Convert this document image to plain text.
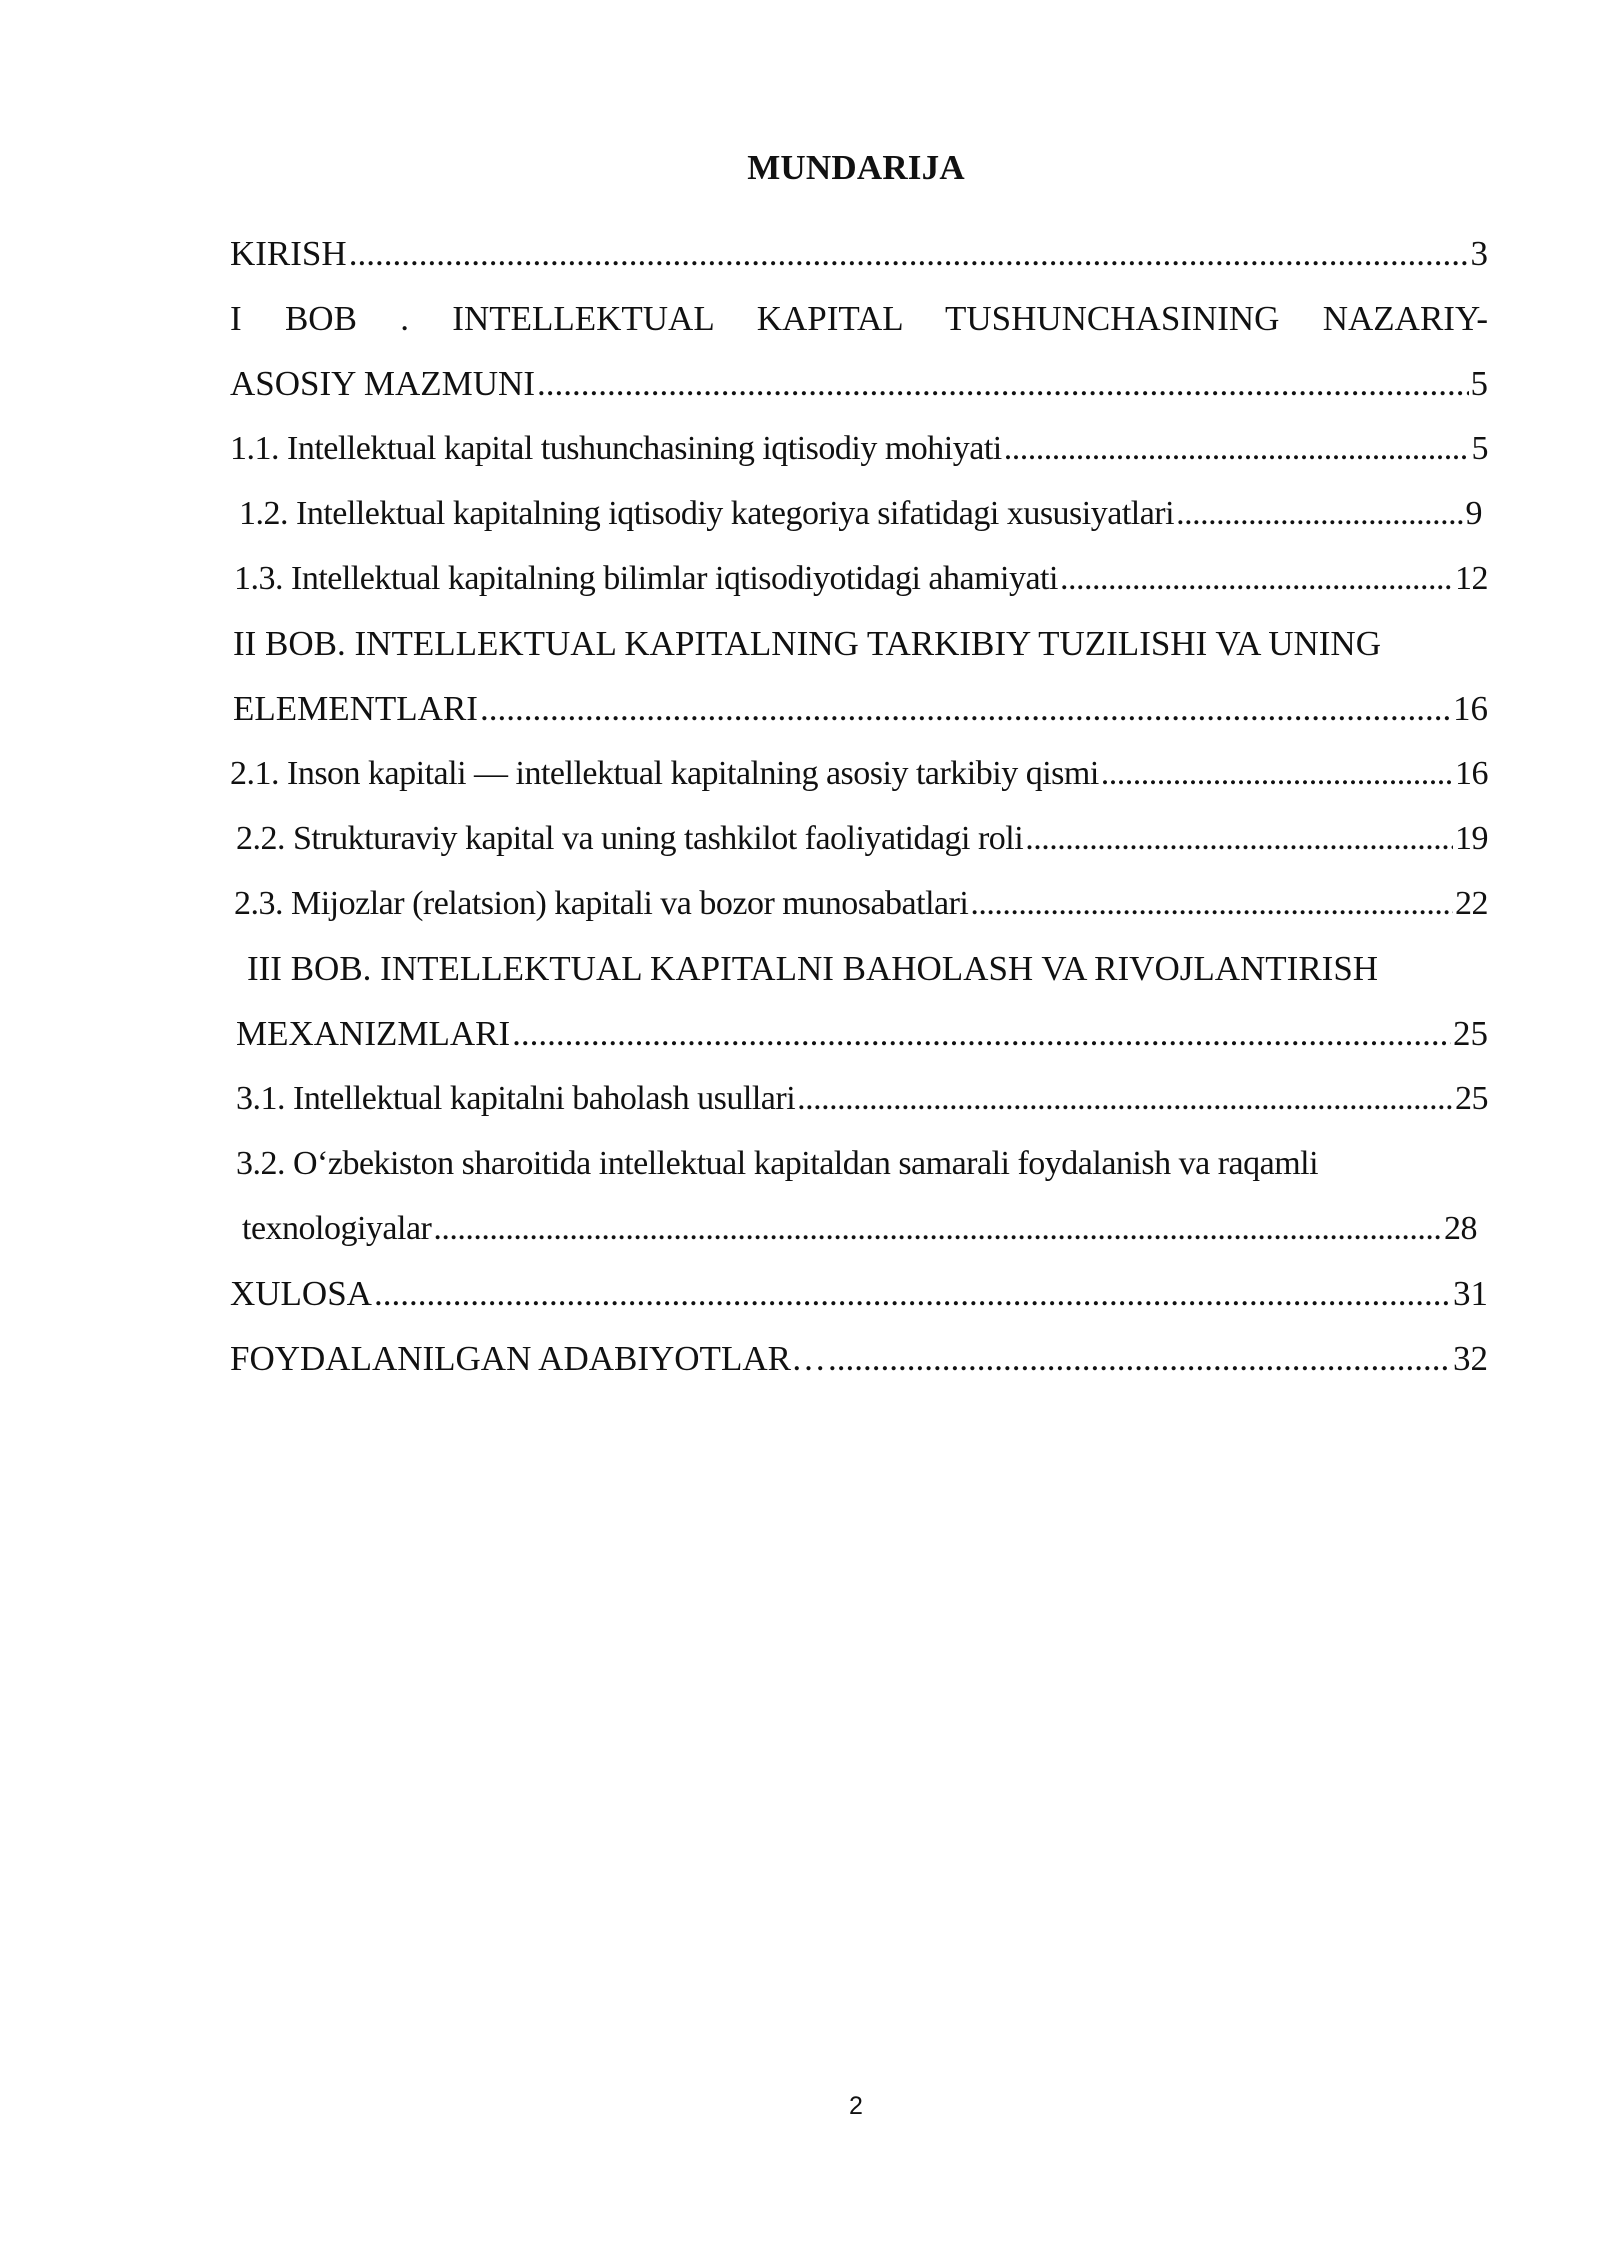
MUNDARIJA
KIRISH .....	3
I BOB . INTELLEKTUAL KAPITAL TUSHUNCHASINING NAZARIY-
ASOSIY MAZMUNI .....	5
1.1. Intellektual kapital tushunchasining iqtisodiy mohiyati .....	5
1.2. Intellektual kapitalning iqtisodiy kategoriya sifatidagi xususiyatlari .....	9
1.3. Intellektual kapitalning bilimlar iqtisodiyotidagi ahamiyati .....	12
II BOB. INTELLEKTUAL KAPITALNING TARKIBIY TUZILISHI VA UNING
ELEMENTLARI .....	16
2.1. Inson kapitali — intellektual kapitalning asosiy tarkibiy qismi .....	16
2.2. Strukturaviy kapital va uning tashkilot faoliyatidagi roli .....	19
2.3. Mijozlar (relatsion) kapitali va bozor munosabatlari .....	22
III BOB. INTELLEKTUAL KAPITALNI BAHOLASH VA RIVOJLANTIRISH
MEXANIZMLARI .....	25
3.1. Intellektual kapitalni baholash usullari .....	25
3.2. O‘zbekiston sharoitida intellektual kapitaldan samarali foydalanish va raqamli
texnologiyalar .....	28
XULOSA .....	31
FOYDALANILGAN ADABIYOTLAR… .....	32
2
